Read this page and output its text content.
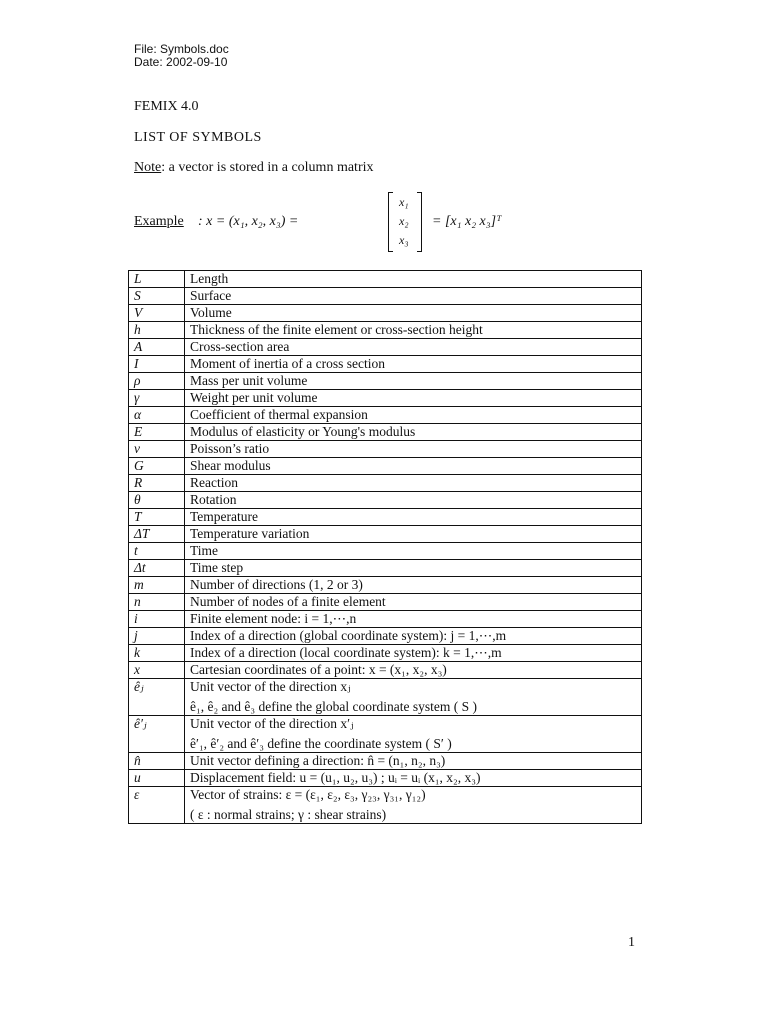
File: Symbols.doc
Date: 2002-09-10
FEMIX 4.0
LIST OF SYMBOLS
Note: a vector is stored in a column matrix
Example : x = (x₁, x₂, x₃) =
x₁
x₂
x₃
= [x₁ x₂ x₃]ᵀ
L	Length
S	Surface
V	Volume
h	Thickness of the finite element or cross-section height
A	Cross-section area
I	Moment of inertia of a cross section
ρ	Mass per unit volume
γ	Weight per unit volume
α	Coefficient of thermal expansion
E	Modulus of elasticity or Young's modulus
ν	Poisson’s ratio
G	Shear modulus
R	Reaction
θ	Rotation
T	Temperature
ΔT	Temperature variation
t	Time
Δt	Time step
m	Number of directions (1, 2 or 3)
n	Number of nodes of a finite element
i	Finite element node: i = 1,⋯,n
j	Index of a direction (global coordinate system): j = 1,⋯,m
k	Index of a direction (local coordinate system): k = 1,⋯,m
x	Cartesian coordinates of a point: x = (x₁, x₂, x₃)
êⱼ	Unit vector of the direction xⱼ
ê₁, ê₂ and ê₃ define the global coordinate system ( S )

ê′ⱼ	Unit vector of the direction x′ⱼ
ê′₁, ê′₂ and ê′₃ define the coordinate system ( S′ )

n̂	Unit vector defining a direction: n̂ = (n₁, n₂, n₃)
u	Displacement field: u = (u₁, u₂, u₃) ; uᵢ = uᵢ (x₁, x₂, x₃)
ε	Vector of strains: ε = (ε₁, ε₂, ε₃, γ₂₃, γ₃₁, γ₁₂)
( ε : normal strains; γ : shear strains)
1
